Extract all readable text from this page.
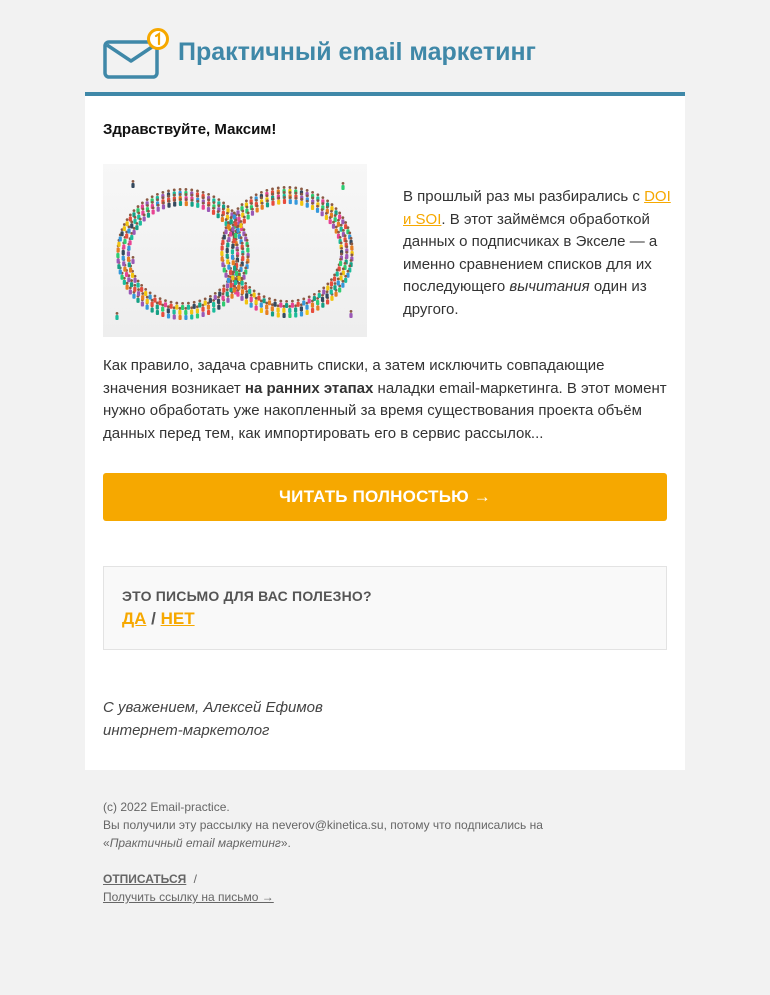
Практичный email маркетинг
Здравствуйте, Максим!
В прошлый раз мы разбирались с DOI и SOI. В этот займёмся обработкой данных о подписчиках в Экселе — а именно сравнением списков для их последующего вычитания один из другого.
Как правило, задача сравнить списки, а затем исключить совпадающие значения возникает на ранних этапах наладки email-маркетинга. В этот момент нужно обработать уже накопленный за время существования проекта объём данных перед тем, как импортировать его в сервис рассылок...
ЧИТАТЬ ПОЛНОСТЬЮ →
ЭТО ПИСЬМО ДЛЯ ВАС ПОЛЕЗНО?
ДА / НЕТ
С уважением, Алексей Ефимов
интернет-маркетолог
(c) 2022 Email-practice.
Вы получили эту рассылку на neverov@kinetica.su, потому что подписались на «Практичный email маркетинг».
ОТПИСАТЬСЯ /
Получить ссылку на письмо →
